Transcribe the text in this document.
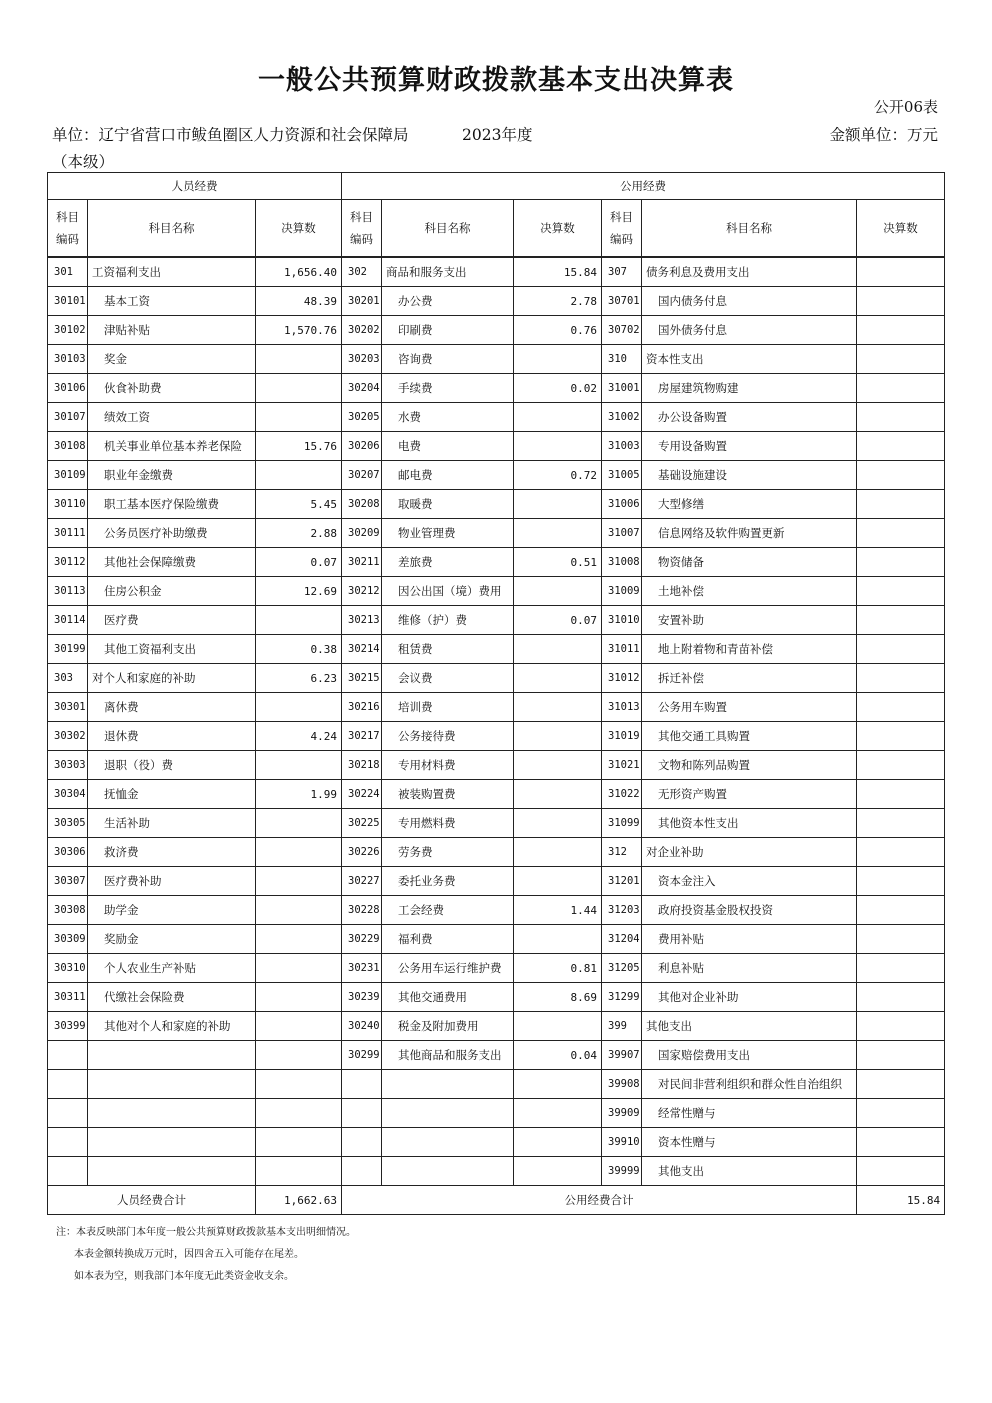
一般公共预算财政拨款基本支出决算表
公开06表
单位：辽宁省营口市鲅鱼圈区人力资源和社会保障局（本级）
2023年度	金额单位：万元
人员经费			公用经费					
科目编码	科目名称	决算数	科目编码	科目名称	决算数	科目编码	科目名称	决算数
301	工资福利支出	1,656.40	302	商品和服务支出	15.84	307	债务利息及费用支出	
30101	基本工资	48.39	30201	办公费	2.78	30701	国内债务付息	
30102	津贴补贴	1,570.76	30202	印刷费	0.76	30702	国外债务付息	
30103	奖金		30203	咨询费		310	资本性支出	
30106	伙食补助费		30204	手续费	0.02	31001	房屋建筑物购建	
30107	绩效工资		30205	水费		31002	办公设备购置	
30108	机关事业单位基本养老保险	15.76	30206	电费		31003	专用设备购置	
30109	职业年金缴费		30207	邮电费	0.72	31005	基础设施建设	
30110	职工基本医疗保险缴费	5.45	30208	取暖费		31006	大型修缮	
30111	公务员医疗补助缴费	2.88	30209	物业管理费		31007	信息网络及软件购置更新	
30112	其他社会保障缴费	0.07	30211	差旅费	0.51	31008	物资储备	
30113	住房公积金	12.69	30212	因公出国（境）费用		31009	土地补偿	
30114	医疗费		30213	维修（护）费	0.07	31010	安置补助	
30199	其他工资福利支出	0.38	30214	租赁费		31011	地上附着物和青苗补偿	
303	对个人和家庭的补助	6.23	30215	会议费		31012	拆迁补偿	
30301	离休费		30216	培训费		31013	公务用车购置	
30302	退休费	4.24	30217	公务接待费		31019	其他交通工具购置	
30303	退职（役）费		30218	专用材料费		31021	文物和陈列品购置	
30304	抚恤金	1.99	30224	被装购置费		31022	无形资产购置	
30305	生活补助		30225	专用燃料费		31099	其他资本性支出	
30306	救济费		30226	劳务费		312	对企业补助	
30307	医疗费补助		30227	委托业务费		31201	资本金注入	
30308	助学金		30228	工会经费	1.44	31203	政府投资基金股权投资	
30309	奖励金		30229	福利费		31204	费用补贴	
30310	个人农业生产补贴		30231	公务用车运行维护费	0.81	31205	利息补贴	
30311	代缴社会保险费		30239	其他交通费用	8.69	31299	其他对企业补助	
30399	其他对个人和家庭的补助		30240	税金及附加费用		399	其他支出	
			30299	其他商品和服务支出	0.04	39907	国家赔偿费用支出	
						39908	对民间非营利组织和群众性自治组织	
						39909	经常性赠与	
						39910	资本性赠与	
						39999	其他支出	
人员经费合计		1,662.63	公用经费合计					15.84
注：本表反映部门本年度一般公共预算财政拨款基本支出明细情况。
本表金额转换成万元时，因四舍五入可能存在尾差。
如本表为空，则我部门本年度无此类资金收支余。
